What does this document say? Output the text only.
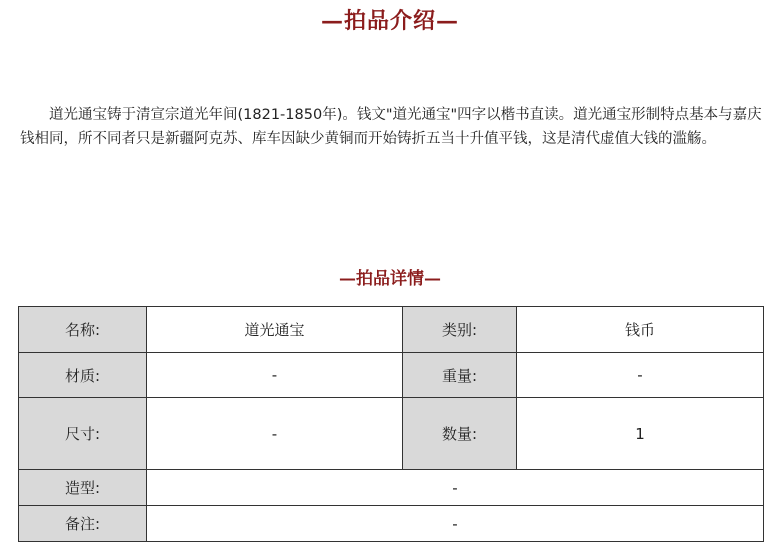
—拍品介绍—

道光通宝铸于清宣宗道光年间(1821-1850年)。钱文"道光通宝"四字以楷书直读。道光通宝形制特点基本与嘉庆钱相同，所不同者只是新疆阿克苏、库车因缺少黄铜而开始铸折五当十升值平钱，这是清代虚值大钱的滥觞。

—拍品详情—
名称:	道光通宝	类别:	钱币
材质:	-	重量:	-
尺寸:	-	数量:	1
造型:	-		
备注:	-		
